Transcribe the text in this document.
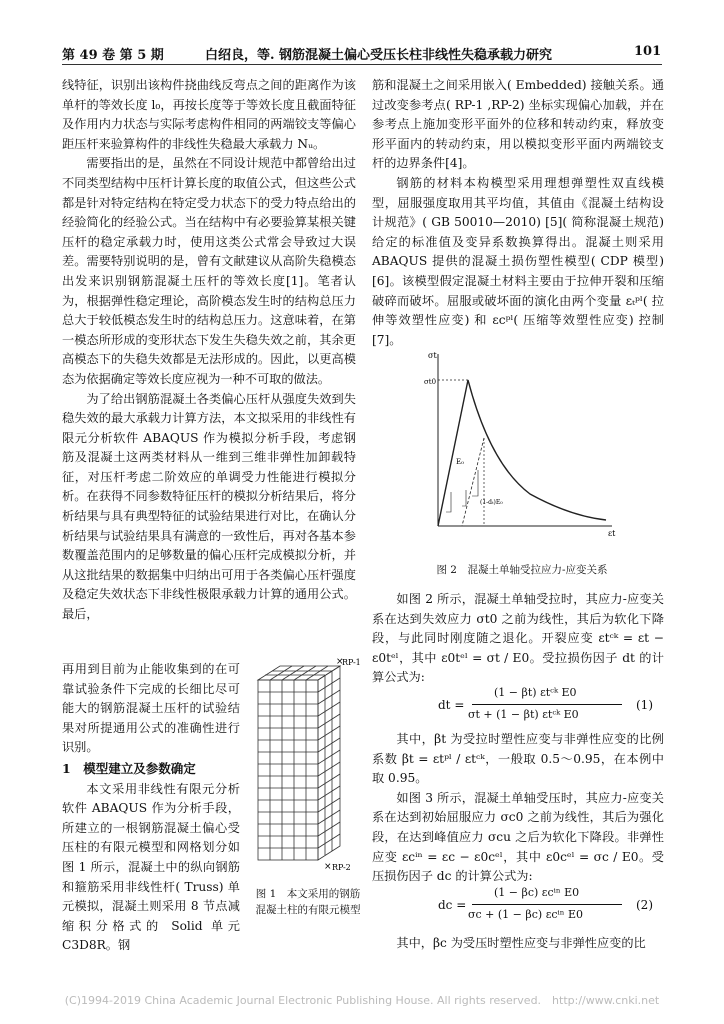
第 49 卷 第 5 期	白绍良，等. 钢筋混凝土偏心受压长柱非线性失稳承载力研究	101

线特征，识别出该构件挠曲线反弯点之间的距离作为该单杆的等效长度 l₀，再按长度等于等效长度且截面特征及作用内力状态与实际考虑构件相同的两端铰支等偏心距压杆来验算构件的非线性失稳最大承载力 Nᵤ。

需要指出的是，虽然在不同设计规范中都曾给出过不同类型结构中压杆计算长度的取值公式，但这些公式都是针对特定结构在特定受力状态下的受力特点给出的经验简化的经验公式。当在结构中有必要验算某根关键压杆的稳定承载力时，使用这类公式常会导致过大误差。需要特别说明的是，曾有文献建议从高阶失稳模态出发来识别钢筋混凝土压杆的等效长度[1]。笔者认为，根据弹性稳定理论，高阶模态发生时的结构总压力总大于较低模态发生时的结构总压力。这意味着，在第一模态所形成的变形状态下发生失稳失效之前，其余更高模态下的失稳失效都是无法形成的。因此，以更高模态为依据确定等效长度应视为一种不可取的做法。

为了给出钢筋混凝土各类偏心压杆从强度失效到失稳失效的最大承载力计算方法，本文拟采用的非线性有限元分析软件 ABAQUS 作为模拟分析手段，考虑钢筋及混凝土这两类材料从一维到三维非弹性加卸载特征，对压杆考虑二阶效应的单调受力性能进行模拟分析。在获得不同参数特征压杆的模拟分析结果后，将分析结果与具有典型特征的试验结果进行对比，在确认分析结果与试验结果具有满意的一致性后，再对各基本参数覆盖范围内的足够数量的偏心压杆完成模拟分析，并从这批结果的数据集中归纳出可用于各类偏心压杆强度及稳定失效状态下非线性极限承载力计算的通用公式。最后，

再用到目前为止能收集到的在可靠试验条件下完成的长细比尽可能大的钢筋混凝土压杆的试验结果对所提通用公式的准确性进行识别。

1　模型建立及参数确定

本文采用非线性有限元分析软件 ABAQUS 作为分析手段，所建立的一根钢筋混凝土偏心受压柱的有限元模型和网格划分如图 1 所示，混凝土中的纵向钢筋和箍筋采用非线性杆( Truss) 单元模拟，混凝土则采用 8 节点减缩积分格式的 Solid 单元 C3D8R。钢

RP-1
×
× RP-2
图 1　本文采用的钢筋混凝土柱的有限元模型

筋和混凝土之间采用嵌入( Embedded) 接触关系。通过改变参考点( RP-1 ,RP-2) 坐标实现偏心加载，并在参考点上施加变形平面外的位移和转动约束，释放变形平面内的转动约束，用以模拟变形平面内两端铰支杆的边界条件[4]。

钢筋的材料本构模型采用理想弹塑性双直线模型，屈服强度取用其平均值，其值由《混凝土结构设计规范》( GB 50010—2010) [5]( 简称混凝土规范) 给定的标准值及变异系数换算得出。混凝土则采用 ABAQUS 提供的混凝土损伤塑性模型( CDP 模型) [6]。该模型假定混凝土材料主要由于拉伸开裂和压缩破碎而破坏。屈服或破坏面的演化由两个变量 εₜᵖˡ( 拉伸等效塑性应变) 和 εcᵖˡ( 压缩等效塑性应变) 控制[7]。

σt
σt0
εt
E₀
(1-dₜ)E₀
图 2　混凝土单轴受拉应力-应变关系

如图 2 所示，混凝土单轴受拉时，其应力-应变关系在达到失效应力 σt0 之前为线性，其后为软化下降段，与此同时刚度随之退化。开裂应变 εtᶜᵏ = εt − ε0tᵉˡ，其中 ε0tᵉˡ = σt / E0。受拉损伤因子 dt 的计算公式为:

dt =
(1 − βt) εtᶜᵏ E0
σt + (1 − βt) εtᶜᵏ E0
(1)

其中，βt 为受拉时塑性应变与非弹性应变的比例系数 βt = εtᵖˡ / εtᶜᵏ，一般取 0.5～0.95，在本例中取 0.95。

如图 3 所示，混凝土单轴受压时，其应力-应变关系在达到初始屈服应力 σc0 之前为线性，其后为强化段，在达到峰值应力 σcu 之后为软化下降段。非弹性应变 εcⁱⁿ = εc − ε0cᵉˡ，其中 ε0cᵉˡ = σc / E0。受压损伤因子 dc 的计算公式为:

dc =
(1 − βc) εcⁱⁿ E0
σc + (1 − βc) εcⁱⁿ E0
(2)

其中，βc 为受压时塑性应变与非弹性应变的比

(C)1994-2019 China Academic Journal Electronic Publishing House. All rights reserved.　http://www.cnki.net
